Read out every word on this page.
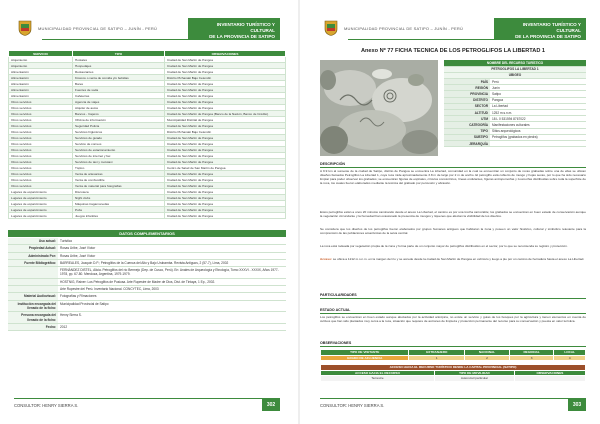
MUNICIPALIDAD PROVINCIAL DE SATIPO – JUNÍN - PERÚ
INVENTARIO TURÍSTICO Y CULTURAL
DE LA PROVINCIA DE SATIPO
SERVICIO	TIPO	OBSERVACIONES
Alojamiento	Hostales	Ciudad de San Martín de Pangoa
Alojamiento	Hospedajes	Ciudad de San Martín de Pangoa
Alimentación	Restaurantes	Ciudad de San Martín de Pangoa
Alimentación	Kioscos o venta de comida y/o bebidas	Distrito Pichanaki Bajo Celendín
Alimentación	Bares	Ciudad de San Martín de Pangoa
Alimentación	Fuentes de soda	Ciudad de San Martín de Pangoa
Alimentación	Cafeterías	Ciudad de San Martín de Pangoa
Otros servicios	Agencia de viajes	Ciudad de San Martín de Pangoa
Otros servicios	Alquiler de autos	Ciudad de San Martín de Pangoa
Otros servicios	Bancos - Cajeros	Ciudad de San Martín de Pangoa (Banco de la Nación, Banco de Crédito)
Otros servicios	Oficina de información	Municipalidad Distrital de Pangoa
Otros servicios	Seguridad Policía	Ciudad de San Martín de Pangoa
Otros servicios	Servicios higiénicos	Distrito Pichanaki Bajo Celendín
Otros servicios	Servicios de guiado	Ciudad de San Martín de Pangoa
Otros servicios	Servicio de correos	Ciudad de San Martín de Pangoa
Otros servicios	Servicios de estacionamiento	Ciudad de San Martín de Pangoa
Otros servicios	Servicios de internet y fax	Ciudad de San Martín de Pangoa
Otros servicios	Servicios de taxi y mototaxi	Ciudad de San Martín de Pangoa
Otros servicios	Tópico	Centro de Salud de San Martín de Pangoa
Otros servicios	Venta de artesanías	Ciudad de San Martín de Pangoa
Otros servicios	Venta de combustible	Ciudad de San Martín de Pangoa
Otros servicios	Venta de material para fotografías	Ciudad de San Martín de Pangoa
Lugares de esparcimiento	Discoteca	Ciudad de San Martín de Pangoa
Lugares de esparcimiento	Night clubs	Ciudad de San Martín de Pangoa
Lugares de esparcimiento	Máquinas tragamonedas	Ciudad de San Martín de Pangoa
Lugares de esparcimiento	Pubs	Ciudad de San Martín de Pangoa
Lugares de esparcimiento	Juegos infantiles	Ciudad de San Martín de Pangoa
DATOS COMPLEMENTARIOS
Uso actual:	Turístico
Propiedad Actual:	Rosas Uribe, José Víctor
Administrado Por:	Rosas Uribe, José Víctor
Fuente Bibliográfica:	BARREALES, Joaquín D.P.; Petroglifos de la Cuenca del Alto y Bajo Urubamba. Revista Antiguos, 2 (57-7), Lima, 2002
	FERNÁNDEZ DISTEL, Alicia. Petroglifos del río Bermejo (Dep. de Cusco, Perú). En: Anales de Arqueología y Etnología, Tomo XXXVI - XXXIX, Años 1977-1978, pp. 67-80. Mendoza, Argentina, 1979-1979.
	HOSTNIG, Rainer: Los Petroglifos de Pusiusa. Arte Rupestre de Madre de Dios, Dist. de Tintaya, 1 Ep., 2002.
	Arte Rupestre del Perú. Inventario Nacional. CONCYTEC, Lima, 2003
Material Audiovisual:	Fotografías y Filmaciones
Institución encargada del llenado de la ficha:	Municipalidad Provincial de Satipo
Persona encargada del llenado de la ficha:	Henry Sierra S.
Fecha:	2012
CONSULTOR: HENRY SIERRA S.	302
MUNICIPALIDAD PROVINCIAL DE SATIPO – JUNÍN - PERÚ
INVENTARIO TURÍSTICO Y CULTURAL
DE LA PROVINCIA DE SATIPO
Anexo Nº 77 FICHA TECNICA DE LOS PETROGLIFOS LA LIBERTAD 1
NOMBRE DEL RECURSO TURÍSTICO	
PETROGLIFOS LA LIBERTAD 1	
UBIGEO	
PAÍS	Perú
REGIÓN	Junín
PROVINCIA	Satipo
DISTRITO	Pangoa
SECTOR	La Libertad
ALTITUD	1252 m.s.n.m.
UTM	18 L 0 531594 8767022
CATEGORÍA	Manifestaciones culturales
TIPO	Sitios arqueológicos
SUBTIPO	Petroglifos (grabados en piedra)
JERARQUÍA	
DESCRIPCIÓN
A 9.9 km al suroeste de la ciudad de Satipo, distrito de Pangoa se encuentra La Libertad, comunidad en la cual se encuentran un conjunto de rocas grabadas sobre una de ellas se ubican diseños llamados Petroglifos La Libertad 1, cuya roca mide aproximadamente 3.8 m de largo por 2 m de ancho. El petroglifo está cubierto de musgo y hojas secas, por lo que ha sido necesario limpiar para poder observar los grabados; se encuentran figuras de espirales, círculos concéntricos, líneas ondulantes, figuras antropomorfas y zoomorfas distribuidas sobre toda la superficie de la roca, los cuales fueron elaborados mediante la técnica del grabado por percusión y abrasión.
Estos petroglifos están a unos 20 minutos caminando desde el anexo La Libertad, el camino es por una trocha carrozable; los grabados se encuentran en buen estado de conservación aunque la vegetación circundante y la humedad han ocasionado la presencia de musgos y líquenes que afectan la visibilidad de los diseños.
Se considera que los diseños de los petroglifos fueron elaborados por grupos humanos antiguos que habitaron la zona y poseen un valor histórico, cultural y simbólico relevante para la comprensión de las poblaciones amazónicas de la selva central.
La roca está rodeada por vegetación propia de la zona y forma parte de un conjunto mayor de petroglifos distribuidos en el sector, por lo que se recomienda su registro y protección.
Acceso: se ubica a 1212 m.s.n.m. en la margen del río y se accede desde la ciudad de San Martín de Pangoa en vehículo y luego a pie por un camino de herradura hasta el anexo La Libertad.
PARTICULARIDADES
ESTADO ACTUAL
Los petroglifos se encuentran en buen estado aunque afectados por la actividad antrópica, no existe un servicio y guías de los bosques por la agricultura y tienen elementos en cuenta de cultivos que han sido plantados muy cerca a la roca, situación que requiere de acciones de limpieza y protección permanente del recurso para su conservación y puesta en valor turística.
OBSERVACIONES
TIPO DE VISITANTE	EXTRANJERO	NACIONAL	REGIONAL	LOCAL
GRADO DE AFLUENCIA	1	2	3	4
ACCESO HACIA EL RECURSO TURÍSTICO DESDE LA CAPITAL PROVINCIAL (SATIPO)		
ACCESO HACIA EL RECURSO	TIPO DE MOVILIDAD	OBSERVACIONES
Terrestre	Automóvil particular	
CONSULTOR: HENRY SIERRA S.	303
